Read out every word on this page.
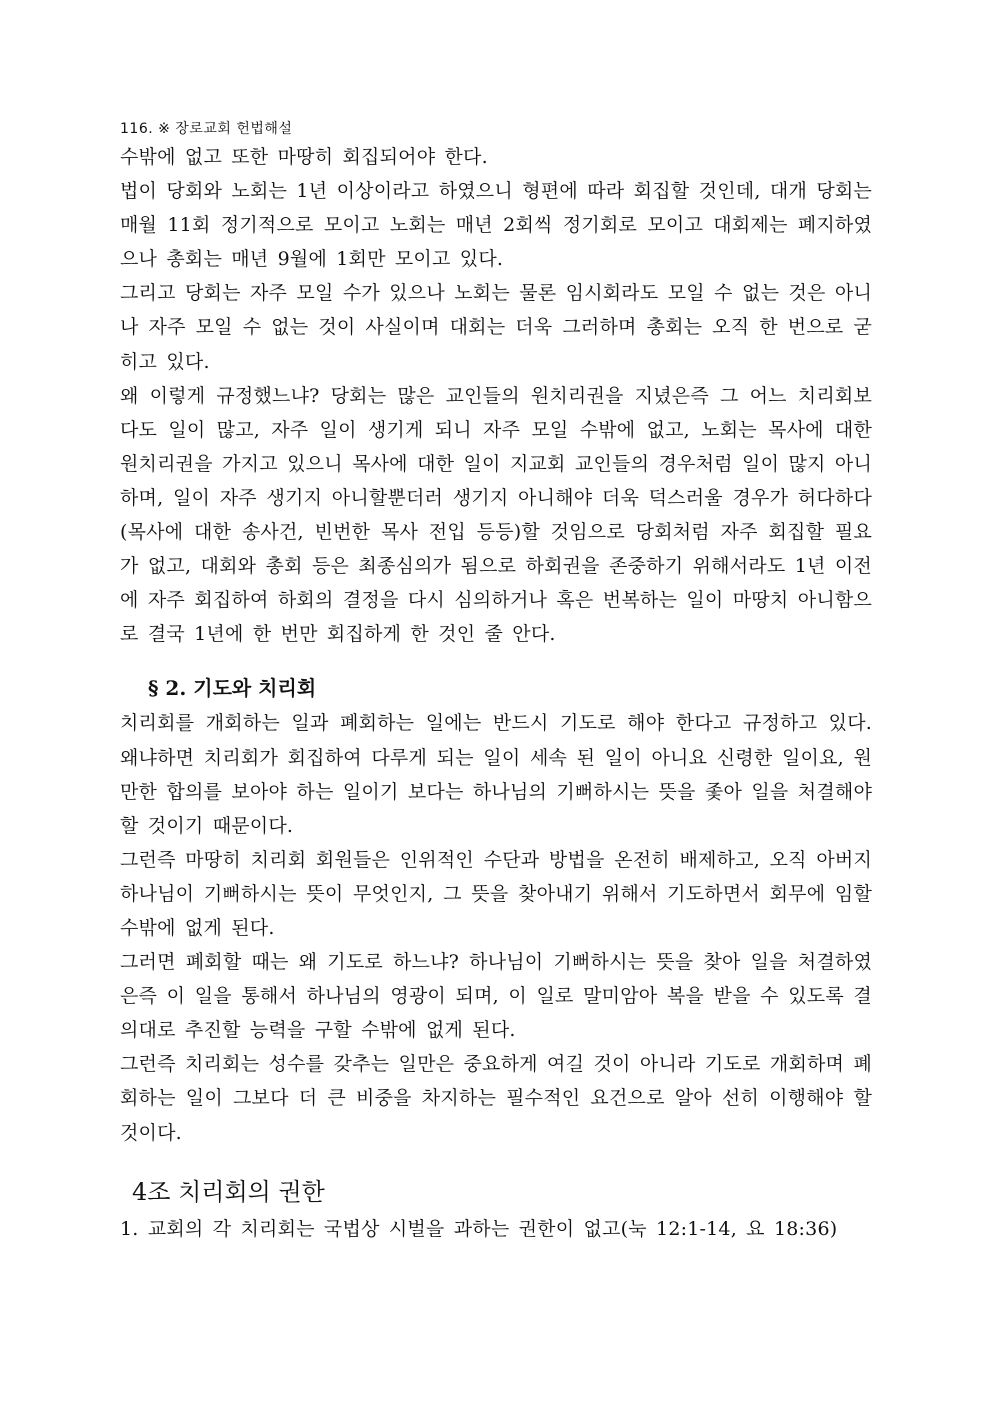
116. ※ 장로교회 헌법해설

수밖에 없고 또한 마땅히 회집되어야 한다.

법이 당회와 노회는 1년 이상이라고 하였으니 형편에 따라 회집할 것인데, 대개 당회는 매월 11회 정기적으로 모이고 노회는 매년 2회씩 정기회로 모이고 대회제는 폐지하였으나 총회는 매년 9월에 1회만 모이고 있다.

그리고 당회는 자주 모일 수가 있으나 노회는 물론 임시회라도 모일 수 없는 것은 아니나 자주 모일 수 없는 것이 사실이며 대회는 더욱 그러하며 총회는 오직 한 번으로 굳히고 있다.

왜 이렇게 규정했느냐? 당회는 많은 교인들의 원치리권을 지녔은즉 그 어느 치리회보다도 일이 많고, 자주 일이 생기게 되니 자주 모일 수밖에 없고, 노회는 목사에 대한 원치리권을 가지고 있으니 목사에 대한 일이 지교회 교인들의 경우처럼 일이 많지 아니하며, 일이 자주 생기지 아니할뿐더러 생기지 아니해야 더욱 덕스러울 경우가 허다하다(목사에 대한 송사건, 빈번한 목사 전입 등등)할 것임으로 당회처럼 자주 회집할 필요가 없고, 대회와 총회 등은 최종심의가 됨으로 하회권을 존중하기 위해서라도 1년 이전에 자주 회집하여 하회의 결정을 다시 심의하거나 혹은 번복하는 일이 마땅치 아니함으로 결국 1년에 한 번만 회집하게 한 것인 줄 안다.

§ 2. 기도와 치리회

치리회를 개회하는 일과 폐회하는 일에는 반드시 기도로 해야 한다고 규정하고 있다. 왜냐하면 치리회가 회집하여 다루게 되는 일이 세속 된 일이 아니요 신령한 일이요, 원만한 합의를 보아야 하는 일이기 보다는 하나님의 기뻐하시는 뜻을 좇아 일을 처결해야 할 것이기 때문이다.

그런즉 마땅히 치리회 회원들은 인위적인 수단과 방법을 온전히 배제하고, 오직 아버지 하나님이 기뻐하시는 뜻이 무엇인지, 그 뜻을 찾아내기 위해서 기도하면서 회무에 임할 수밖에 없게 된다.

그러면 폐회할 때는 왜 기도로 하느냐? 하나님이 기뻐하시는 뜻을 찾아 일을 처결하였은즉 이 일을 통해서 하나님의 영광이 되며, 이 일로 말미암아 복을 받을 수 있도록 결의대로 추진할 능력을 구할 수밖에 없게 된다.

그런즉 치리회는 성수를 갖추는 일만은 중요하게 여길 것이 아니라 기도로 개회하며 폐회하는 일이 그보다 더 큰 비중을 차지하는 필수적인 요건으로 알아 선히 이행해야 할 것이다.

4조 치리회의 권한

1. 교회의 각 치리회는 국법상 시벌을 과하는 권한이 없고(눅 12:1-14, 요 18:36)
